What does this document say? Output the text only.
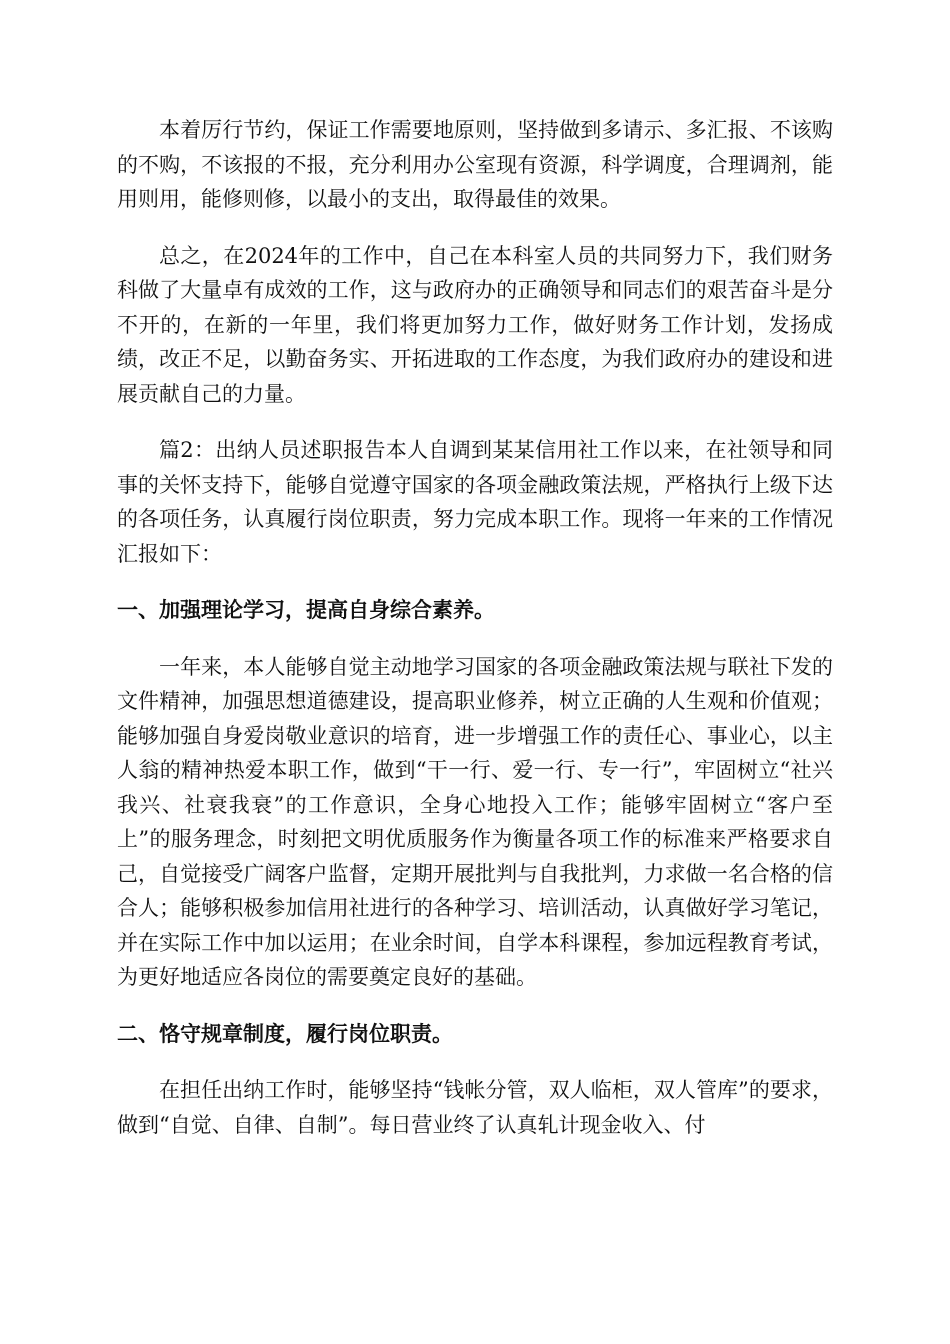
本着厉行节约，保证工作需要地原则，坚持做到多请示、多汇报、不该购的不购，不该报的不报，充分利用办公室现有资源，科学调度，合理调剂，能用则用，能修则修，以最小的支出，取得最佳的效果。

总之，在2024年的工作中，自己在本科室人员的共同努力下，我们财务科做了大量卓有成效的工作，这与政府办的正确领导和同志们的艰苦奋斗是分不开的，在新的一年里，我们将更加努力工作，做好财务工作计划，发扬成绩，改正不足，以勤奋务实、开拓进取的工作态度，为我们政府办的建设和进展贡献自己的力量。

篇2：出纳人员述职报告本人自调到某某信用社工作以来，在社领导和同事的关怀支持下，能够自觉遵守国家的各项金融政策法规，严格执行上级下达的各项任务，认真履行岗位职责，努力完成本职工作。现将一年来的工作情况汇报如下：

一、加强理论学习，提高自身综合素养。

一年来，本人能够自觉主动地学习国家的各项金融政策法规与联社下发的文件精神，加强思想道德建设，提高职业修养，树立正确的人生观和价值观；能够加强自身爱岗敬业意识的培育，进一步增强工作的责任心、事业心，以主人翁的精神热爱本职工作，做到“干一行、爱一行、专一行”，牢固树立“社兴我兴、社衰我衰”的工作意识，全身心地投入工作；能够牢固树立“客户至上”的服务理念，时刻把文明优质服务作为衡量各项工作的标准来严格要求自己，自觉接受广阔客户监督，定期开展批判与自我批判，力求做一名合格的信合人；能够积极参加信用社进行的各种学习、培训活动，认真做好学习笔记，并在实际工作中加以运用；在业余时间，自学本科课程，参加远程教育考试，为更好地适应各岗位的需要奠定良好的基础。

二、恪守规章制度，履行岗位职责。

在担任出纳工作时，能够坚持“钱帐分管，双人临柜，双人管库”的要求，做到“自觉、自律、自制”。每日营业终了认真轧计现金收入、付
